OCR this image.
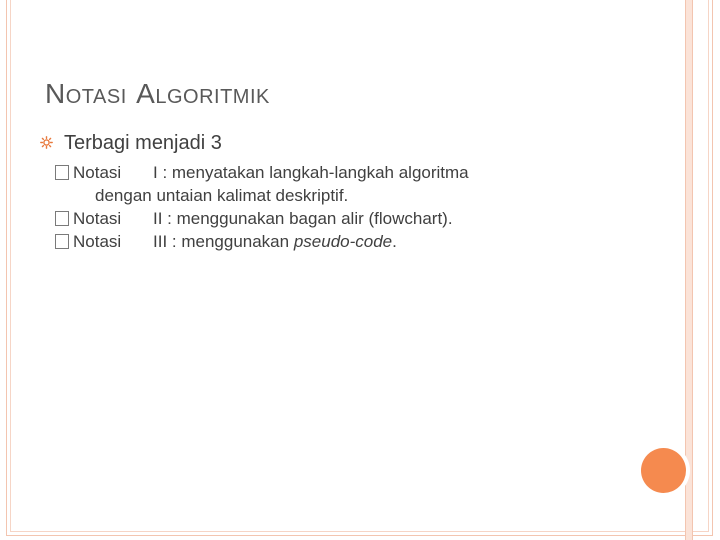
NOTASI ALGORITMIK
Terbagi menjadi 3
Notasi I : menyatakan langkah-langkah algoritma
dengan untaian kalimat deskriptif.
Notasi II : menggunakan bagan alir (flowchart).
Notasi III : menggunakan pseudo-code.
